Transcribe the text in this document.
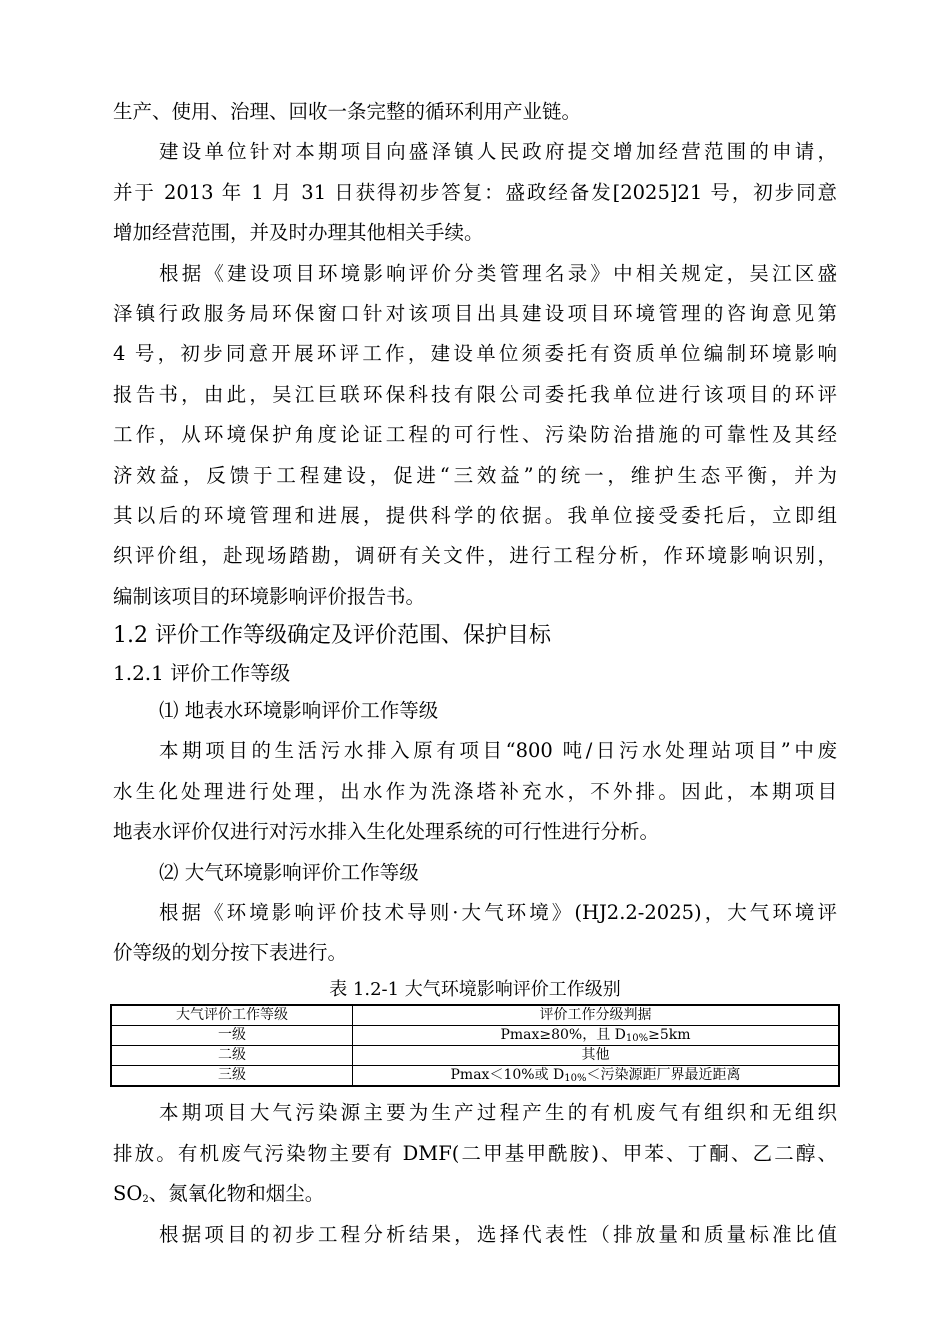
生产、使用、治理、回收一条完整的循环利用产业链。

建设单位针对本期项目向盛泽镇人民政府提交增加经营范围的申请，

并于 2013 年 1 月 31 日获得初步答复：盛政经备发[2025]21 号，初步同意

增加经营范围，并及时办理其他相关手续。

根据《建设项目环境影响评价分类管理名录》中相关规定，吴江区盛

泽镇行政服务局环保窗口针对该项目出具建设项目环境管理的咨询意见第

4 号，初步同意开展环评工作，建设单位须委托有资质单位编制环境影响

报告书，由此，吴江巨联环保科技有限公司委托我单位进行该项目的环评

工作，从环境保护角度论证工程的可行性、污染防治措施的可靠性及其经

济效益，反馈于工程建设，促进“三效益”的统一，维护生态平衡，并为

其以后的环境管理和进展，提供科学的依据。我单位接受委托后，立即组

织评价组，赴现场踏勘，调研有关文件，进行工程分析，作环境影响识别，

编制该项目的环境影响评价报告书。

1.2 评价工作等级确定及评价范围、保护目标
1.2.1 评价工作等级

⑴ 地表水环境影响评价工作等级

本期项目的生活污水排入原有项目“800 吨/日污水处理站项目”中废

水生化处理进行处理，出水作为洗涤塔补充水，不外排。因此，本期项目

地表水评价仅进行对污水排入生化处理系统的可行性进行分析。

⑵ 大气环境影响评价工作等级

根据《环境影响评价技术导则·大气环境》(HJ2.2-2025)，大气环境评

价等级的划分按下表进行。

表 1.2-1 大气环境影响评价工作级别
大气评价工作等级	评价工作分级判据
一级	Pmax≥80%，且 $D_{10\%}\ge 5km$
二级	其他
三级	Pmax＜10%或 $D_{10\%}<$污染源距厂界最近距离

本期项目大气污染源主要为生产过程产生的有机废气有组织和无组织

排放。有机废气污染物主要有 DMF(二甲基甲酰胺)、甲苯、丁酮、乙二醇、

$SO_2$、氮氧化物和烟尘。

根据项目的初步工程分析结果，选择代表性（排放量和质量标准比值
